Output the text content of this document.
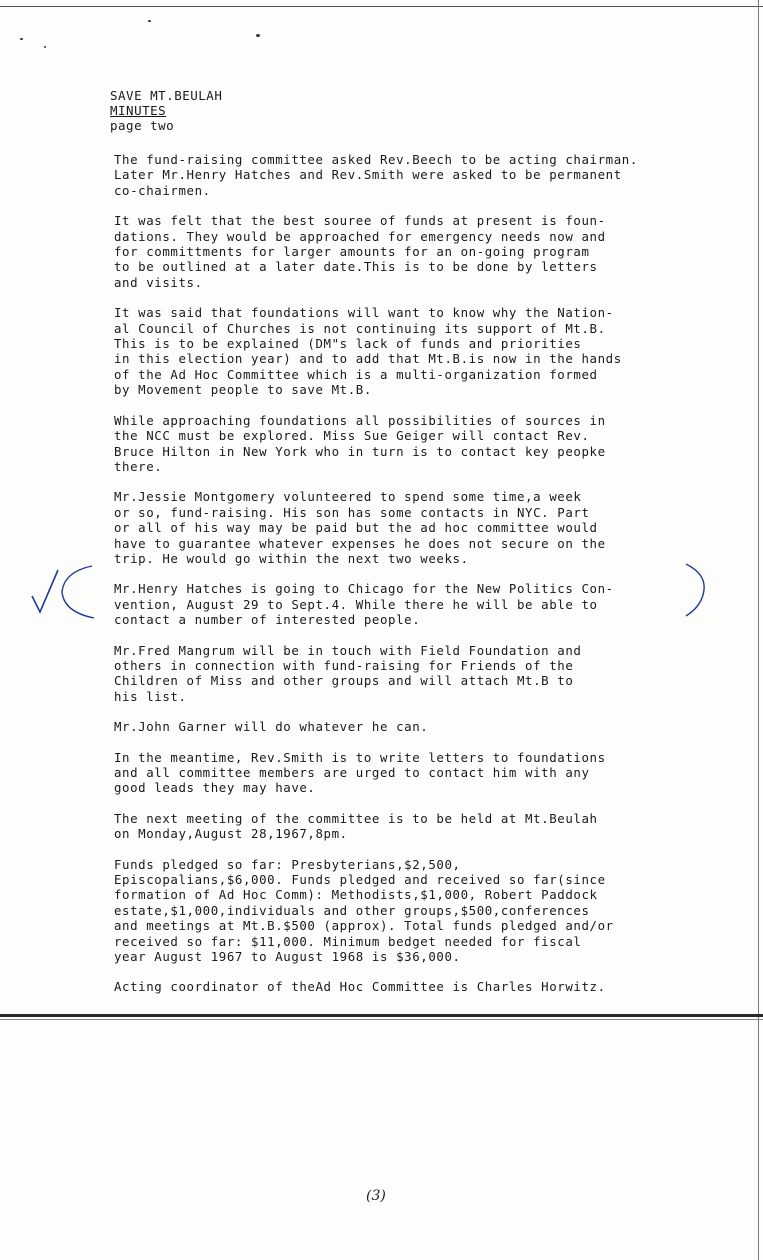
SAVE MT.BEULAH
MINUTES
page two

The fund-raising committee asked Rev.Beech to be acting chairman.
Later Mr.Henry Hatches and Rev.Smith were asked to be permanent
co-chairmen.

It was felt that the best souree of funds at present is foun-
dations. They would be approached for emergency needs now and
for committments for larger amounts for an on-going program
to be outlined at a later date.This is to be done by letters
and visits.

It was said that foundations will want to know why the Nation-
al Council of Churches is not continuing its support of Mt.B.
This is to be explained (DM"s lack of funds and priorities
in this election year) and to add that Mt.B.is now in the hands
of the Ad Hoc Committee which is a multi-organization formed
by Movement people to save Mt.B.

While approaching foundations all possibilities of sources in
the NCC must be explored. Miss Sue Geiger will contact Rev.
Bruce Hilton in New York who in turn is to contact key peopke
there.

Mr.Jessie Montgomery volunteered to spend some time,a week
or so, fund-raising. His son has some contacts in NYC. Part
or all of his way may be paid but the ad hoc committee would
have to guarantee whatever expenses he does not secure on the
trip. He would go within the next two weeks.

Mr.Henry Hatches is going to Chicago for the New Politics Con-
vention, August 29 to Sept.4. While there he will be able to
contact a number of interested people.

Mr.Fred Mangrum will be in touch with Field Foundation and
others in connection with fund-raising for Friends of the
Children of Miss and other groups and will attach Mt.B to
his list.

Mr.John Garner will do whatever he can.

In the meantime, Rev.Smith is to write letters to foundations
and all committee members are urged to contact him with any
good leads they may have.

The next meeting of the committee is to be held at Mt.Beulah
on Monday,August 28,1967,8pm.

Funds pledged so far: Presbyterians,$2,500,
Episcopalians,$6,000. Funds pledged and received so far(since
formation of Ad Hoc Comm): Methodists,$1,000, Robert Paddock
estate,$1,000,individuals and other groups,$500,conferences
and meetings at Mt.B.$500 (approx). Total funds pledged and/or
received so far: $11,000. Minimum bedget needed for fiscal
year August 1967 to August 1968 is $36,000.

Acting coordinator of theAd Hoc Committee is Charles Horwitz.

(3)
